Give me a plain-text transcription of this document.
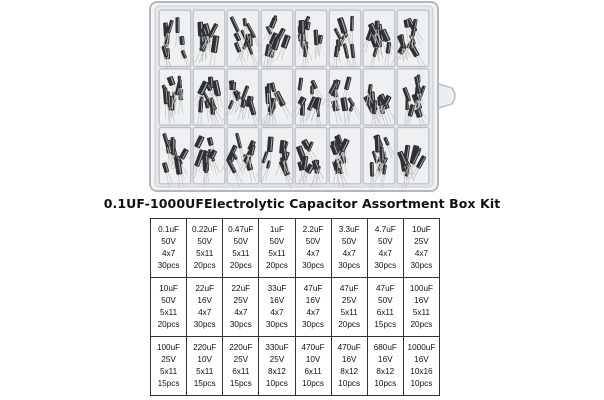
0.1UF-1000UFElectrolytic Capacitor Assortment Box Kit
0.1uF
50V
4x7
30pcs	0.22uF
50V
5x11
20pcs	0.47uF
50V
5x11
20pcs	1uF
50V
5x11
20pcs	2.2uF
50V
4x7
30pcs	3.3uF
50V
4x7
30pcs	4.7uF
50V
4x7
30pcs	10uF
25V
4x7
30pcs

10uF
50V
5x11
20pcs	22uF
16V
4x7
30pcs	22uF
25V
4x7
30pcs	33uF
16V
4x7
30pcs	47uF
16V
4x7
30pcs	47uF
25V
5x11
20pcs	47uF
50V
6x11
15pcs	100uF
16V
5x11
20pcs

100uF
25V
5x11
15pcs	220uF
10V
5x11
15pcs	220uF
25V
6x11
15pcs	330uF
25V
8x12
10pcs	470uF
10V
6x11
10pcs	470uF
16V
8x12
10pcs	680uF
16V
8x12
10pcs	1000uF
16V
10x16
10pcs
